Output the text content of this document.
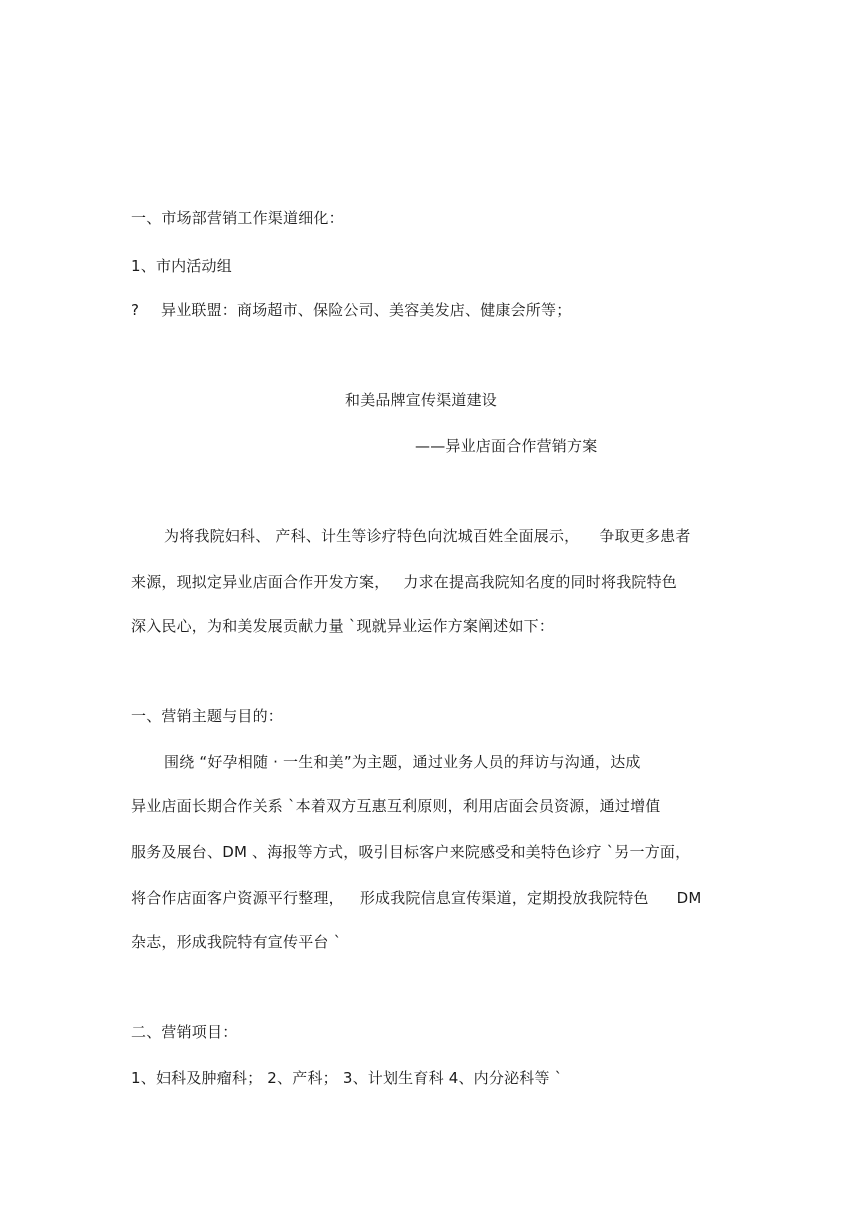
一、市场部营销工作渠道细化：
1、市内活动组
? 异业联盟：商场超市、保险公司、美容美发店、健康会所等；
和美品牌宣传渠道建设
——异业店面合作营销方案
为将我院妇科、 产科、计生等诊疗特色向沈城百姓全面展示， 争取更多患者
来源，现拟定异业店面合作开发方案， 力求在提高我院知名度的同时将我院特色
深入民心，为和美发展贡献力量 `现就异业运作方案阐述如下：
一、营销主题与目的：
围绕 “好孕相随 · 一生和美”为主题，通过业务人员的拜访与沟通，达成
异业店面长期合作关系 `本着双方互惠互利原则，利用店面会员资源，通过增值
服务及展台、DM 、海报等方式，吸引目标客户来院感受和美特色诊疗 `另一方面，
将合作店面客户资源平行整理， 形成我院信息宣传渠道，定期投放我院特色 DM
杂志，形成我院特有宣传平台 `
二、营销项目：
1、妇科及肿瘤科； 2、产科； 3、计划生育科 4、内分泌科等 `
